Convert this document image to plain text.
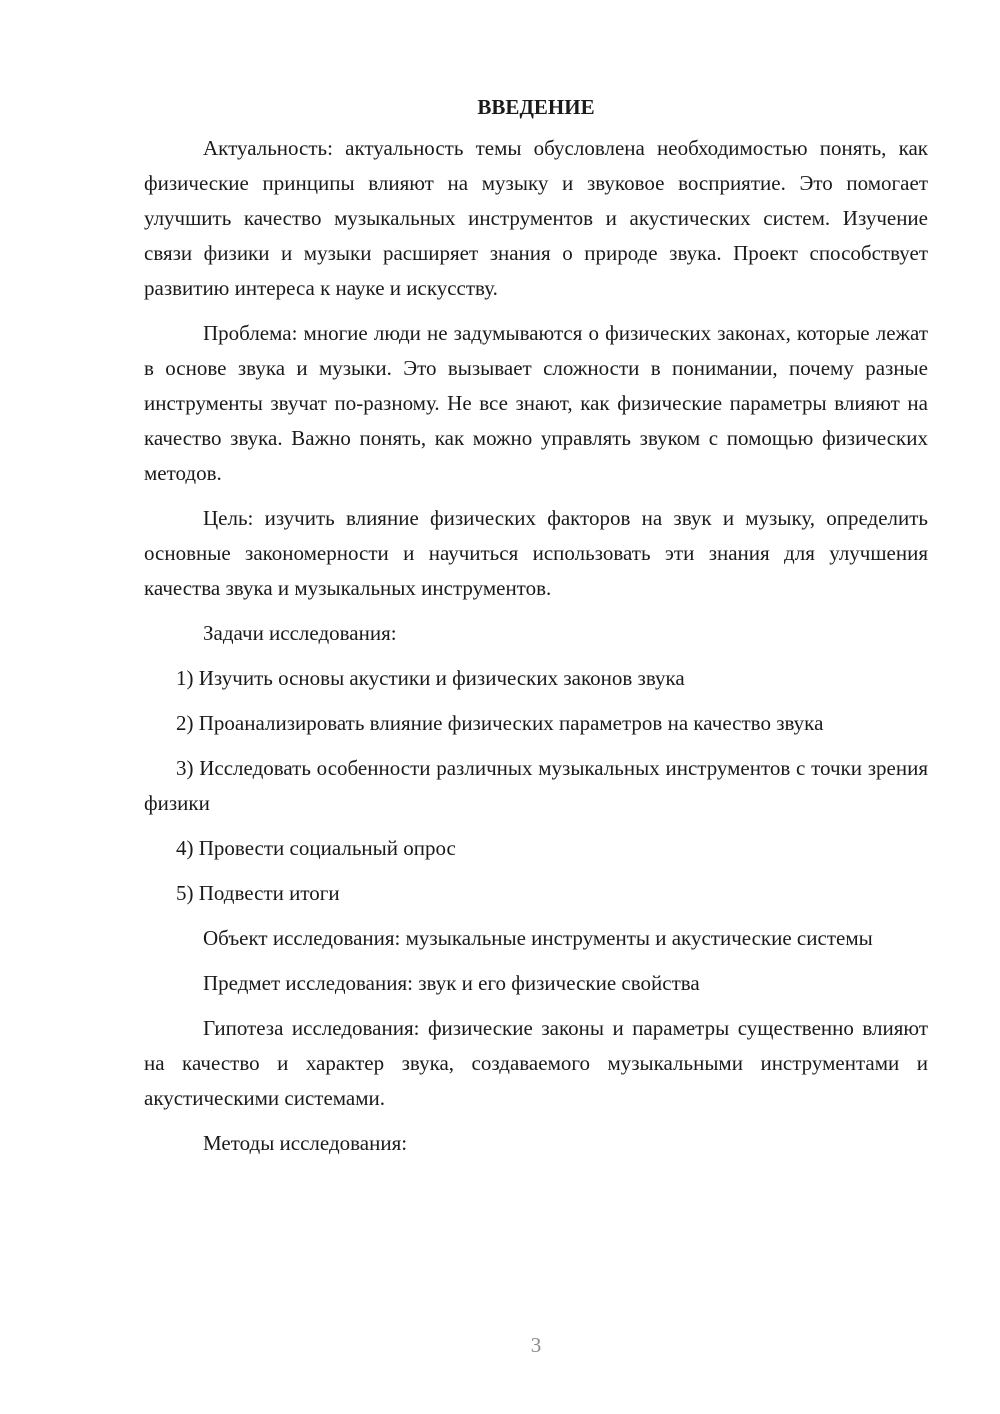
ВВЕДЕНИЕ

Актуальность: актуальность темы обусловлена необходимостью понять, как физические принципы влияют на музыку и звуковое восприятие. Это помогает улучшить качество музыкальных инструментов и акустических систем. Изучение связи физики и музыки расширяет знания о природе звука. Проект способствует развитию интереса к науке и искусству.

Проблема: многие люди не задумываются о физических законах, которые лежат в основе звука и музыки. Это вызывает сложности в понимании, почему разные инструменты звучат по-разному. Не все знают, как физические параметры влияют на качество звука. Важно понять, как можно управлять звуком с помощью физических методов.

Цель: изучить влияние физических факторов на звук и музыку, определить основные закономерности и научиться использовать эти знания для улучшения качества звука и музыкальных инструментов.

Задачи исследования:

1) Изучить основы акустики и физических законов звука

2) Проанализировать влияние физических параметров на качество звука

3) Исследовать особенности различных музыкальных инструментов с точки зрения физики

4) Провести социальный опрос

5) Подвести итоги

Объект исследования: музыкальные инструменты и акустические системы

Предмет исследования: звук и его физические свойства

Гипотеза исследования: физические законы и параметры существенно влияют на качество и характер звука, создаваемого музыкальными инструментами и акустическими системами.

Методы исследования:

3
